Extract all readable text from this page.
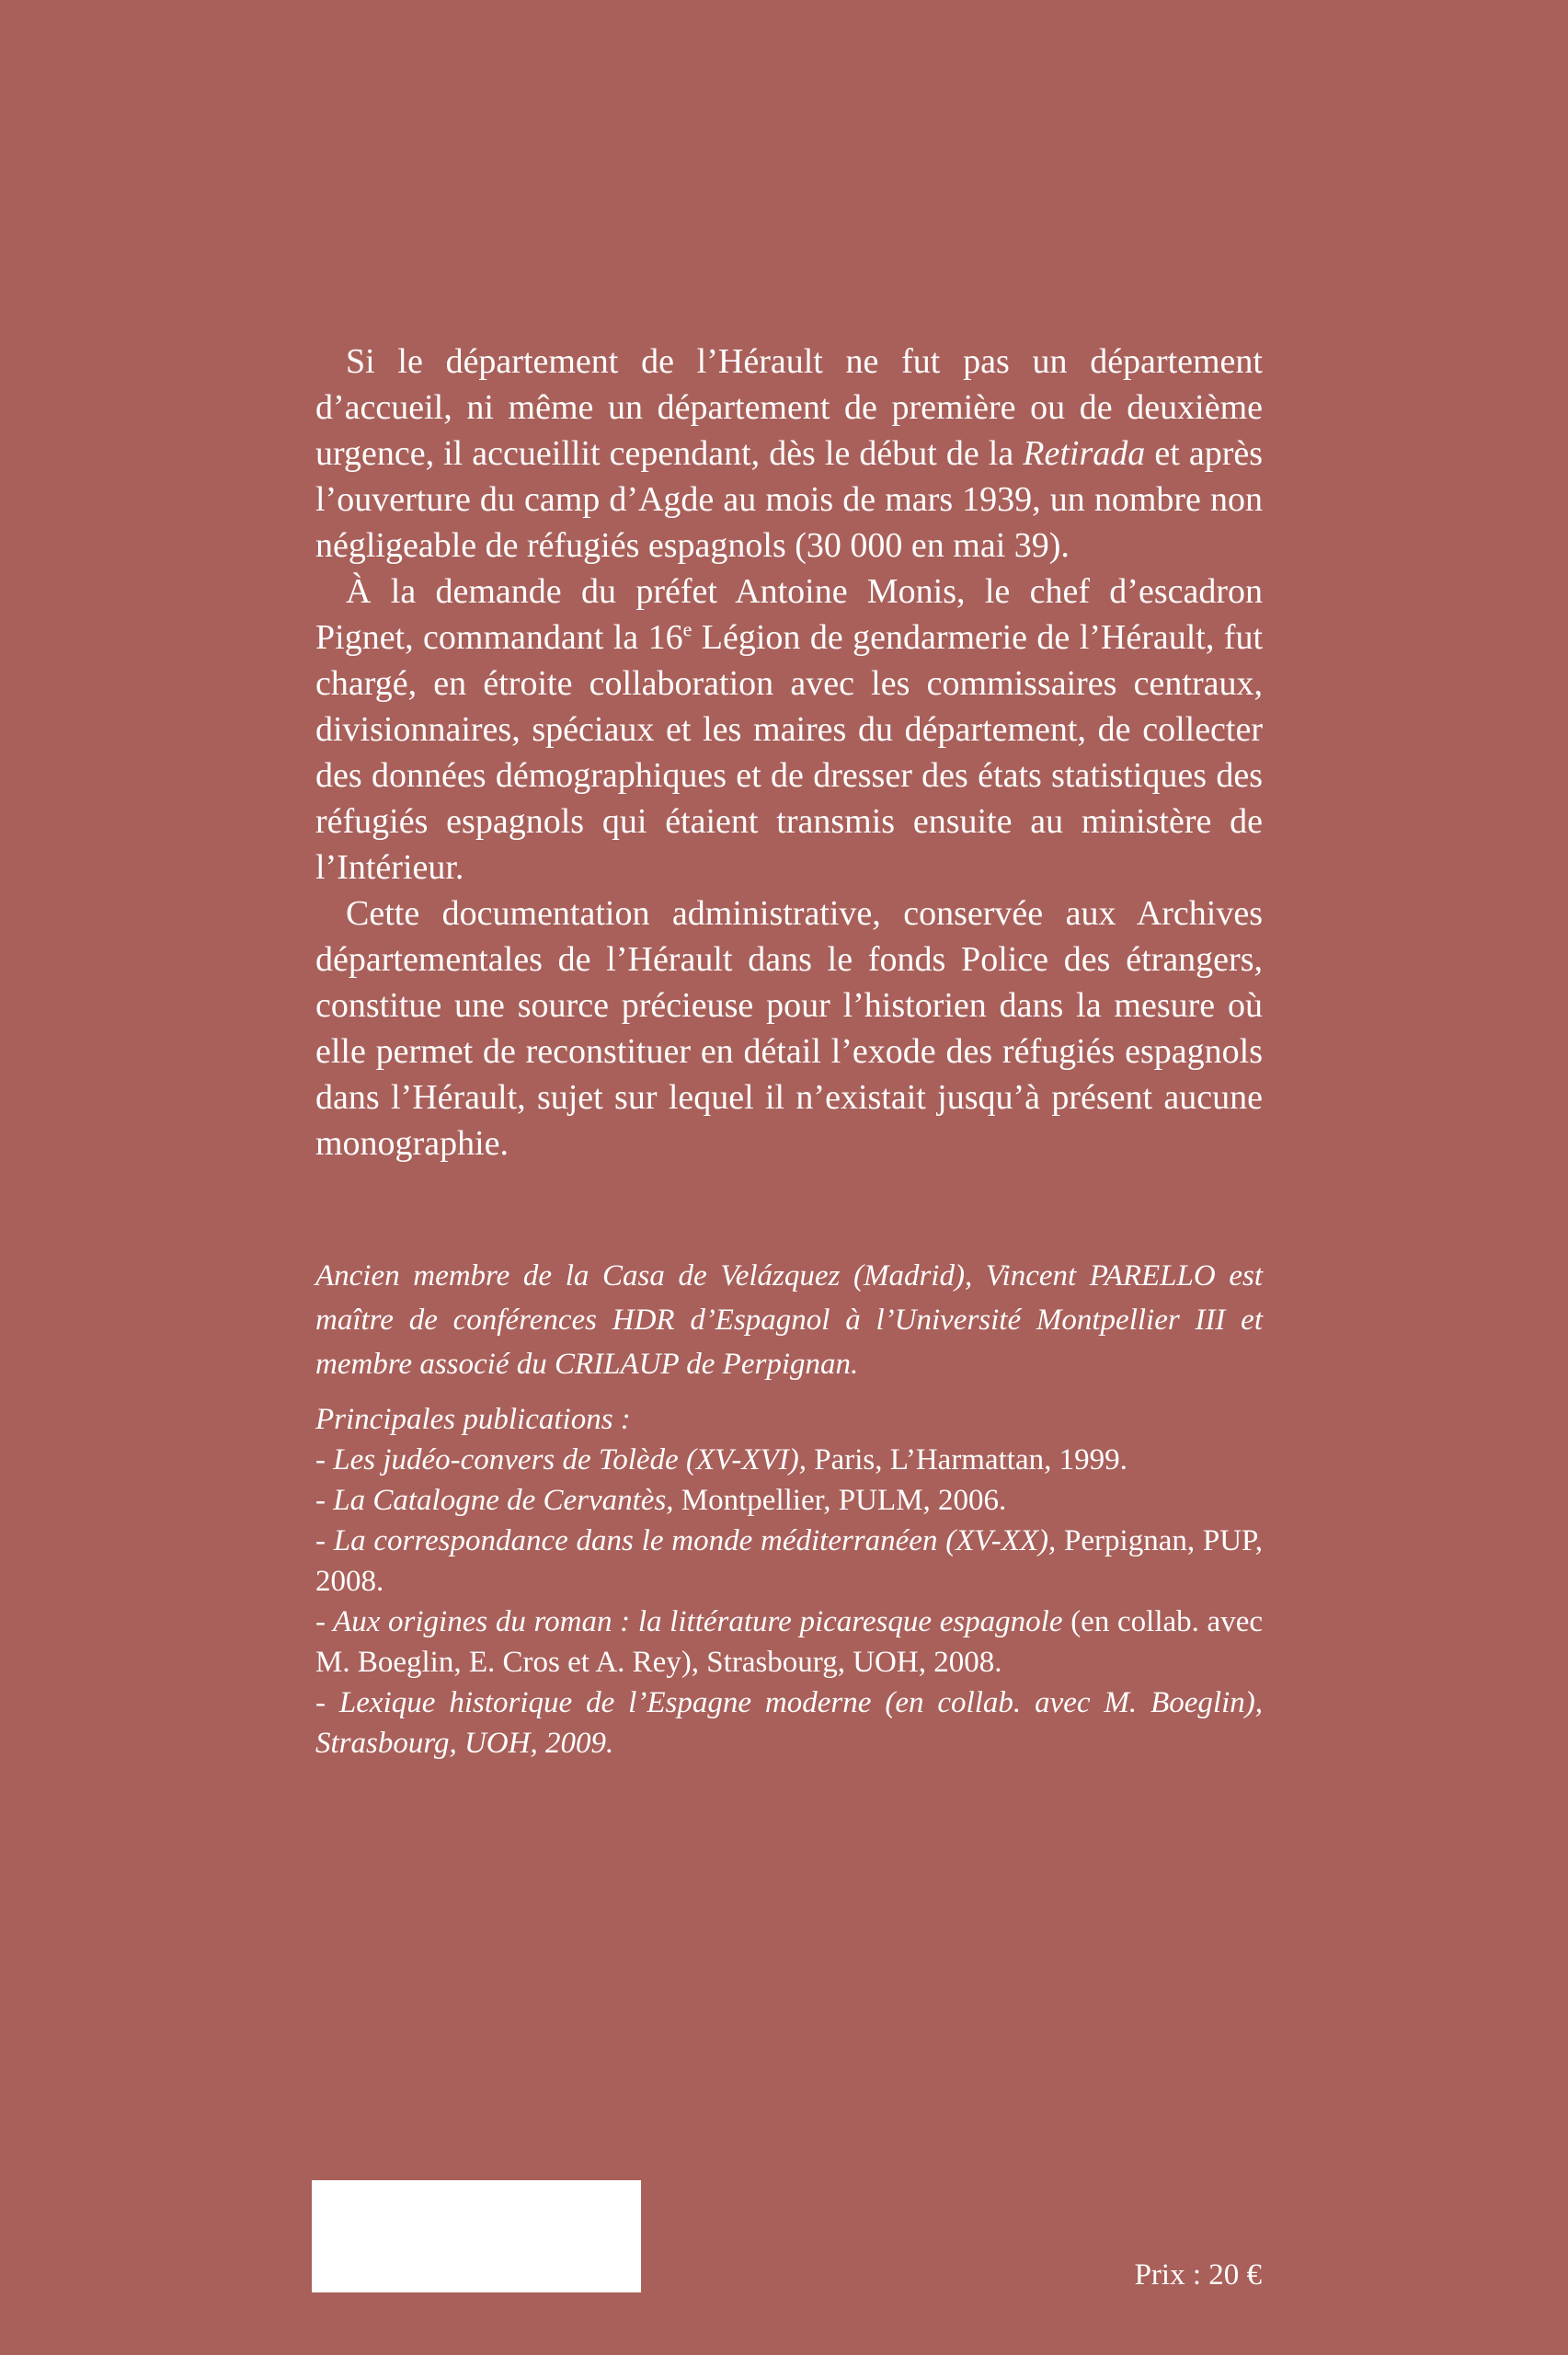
Si le département de l’Hérault ne fut pas un département d’accueil, ni même un département de première ou de deuxième urgence, il accueillit cependant, dès le début de la Retirada et après l’ouverture du camp d’Agde au mois de mars 1939, un nombre non négligeable de réfugiés espagnols (30 000 en mai 39).

À la demande du préfet Antoine Monis, le chef d’escadron Pignet, commandant la 16e Légion de gendarmerie de l’Hérault, fut chargé, en étroite collaboration avec les commissaires centraux, divisionnaires, spéciaux et les maires du département, de collecter des données démographiques et de dresser des états statistiques des réfugiés espagnols qui étaient transmis ensuite au ministère de l’Intérieur.

Cette documentation administrative, conservée aux Archives départementales de l’Hérault dans le fonds Police des étrangers, constitue une source précieuse pour l’historien dans la mesure où elle permet de reconstituer en détail l’exode des réfugiés espagnols dans l’Hérault, sujet sur lequel il n’existait jusqu’à présent aucune monographie.

Ancien membre de la Casa de Velázquez (Madrid), Vincent PARELLO est maître de conférences HDR d’Espagnol à l’Université Montpellier III et membre associé du CRILAUP de Perpignan.

Principales publications :

- Les judéo-convers de Tolède (XV-XVI), Paris, L’Harmattan, 1999.
- La Catalogne de Cervantès, Montpellier, PULM, 2006.
- La correspondance dans le monde méditerranéen (XV-XX), Perpignan, PUP, 2008.
- Aux origines du roman : la littérature picaresque espagnole (en collab. avec M. Boeglin, E. Cros et A. Rey), Strasbourg, UOH, 2008.
- Lexique historique de l’Espagne moderne (en collab. avec M. Boeglin), Strasbourg, UOH, 2009.
Prix : 20 €
